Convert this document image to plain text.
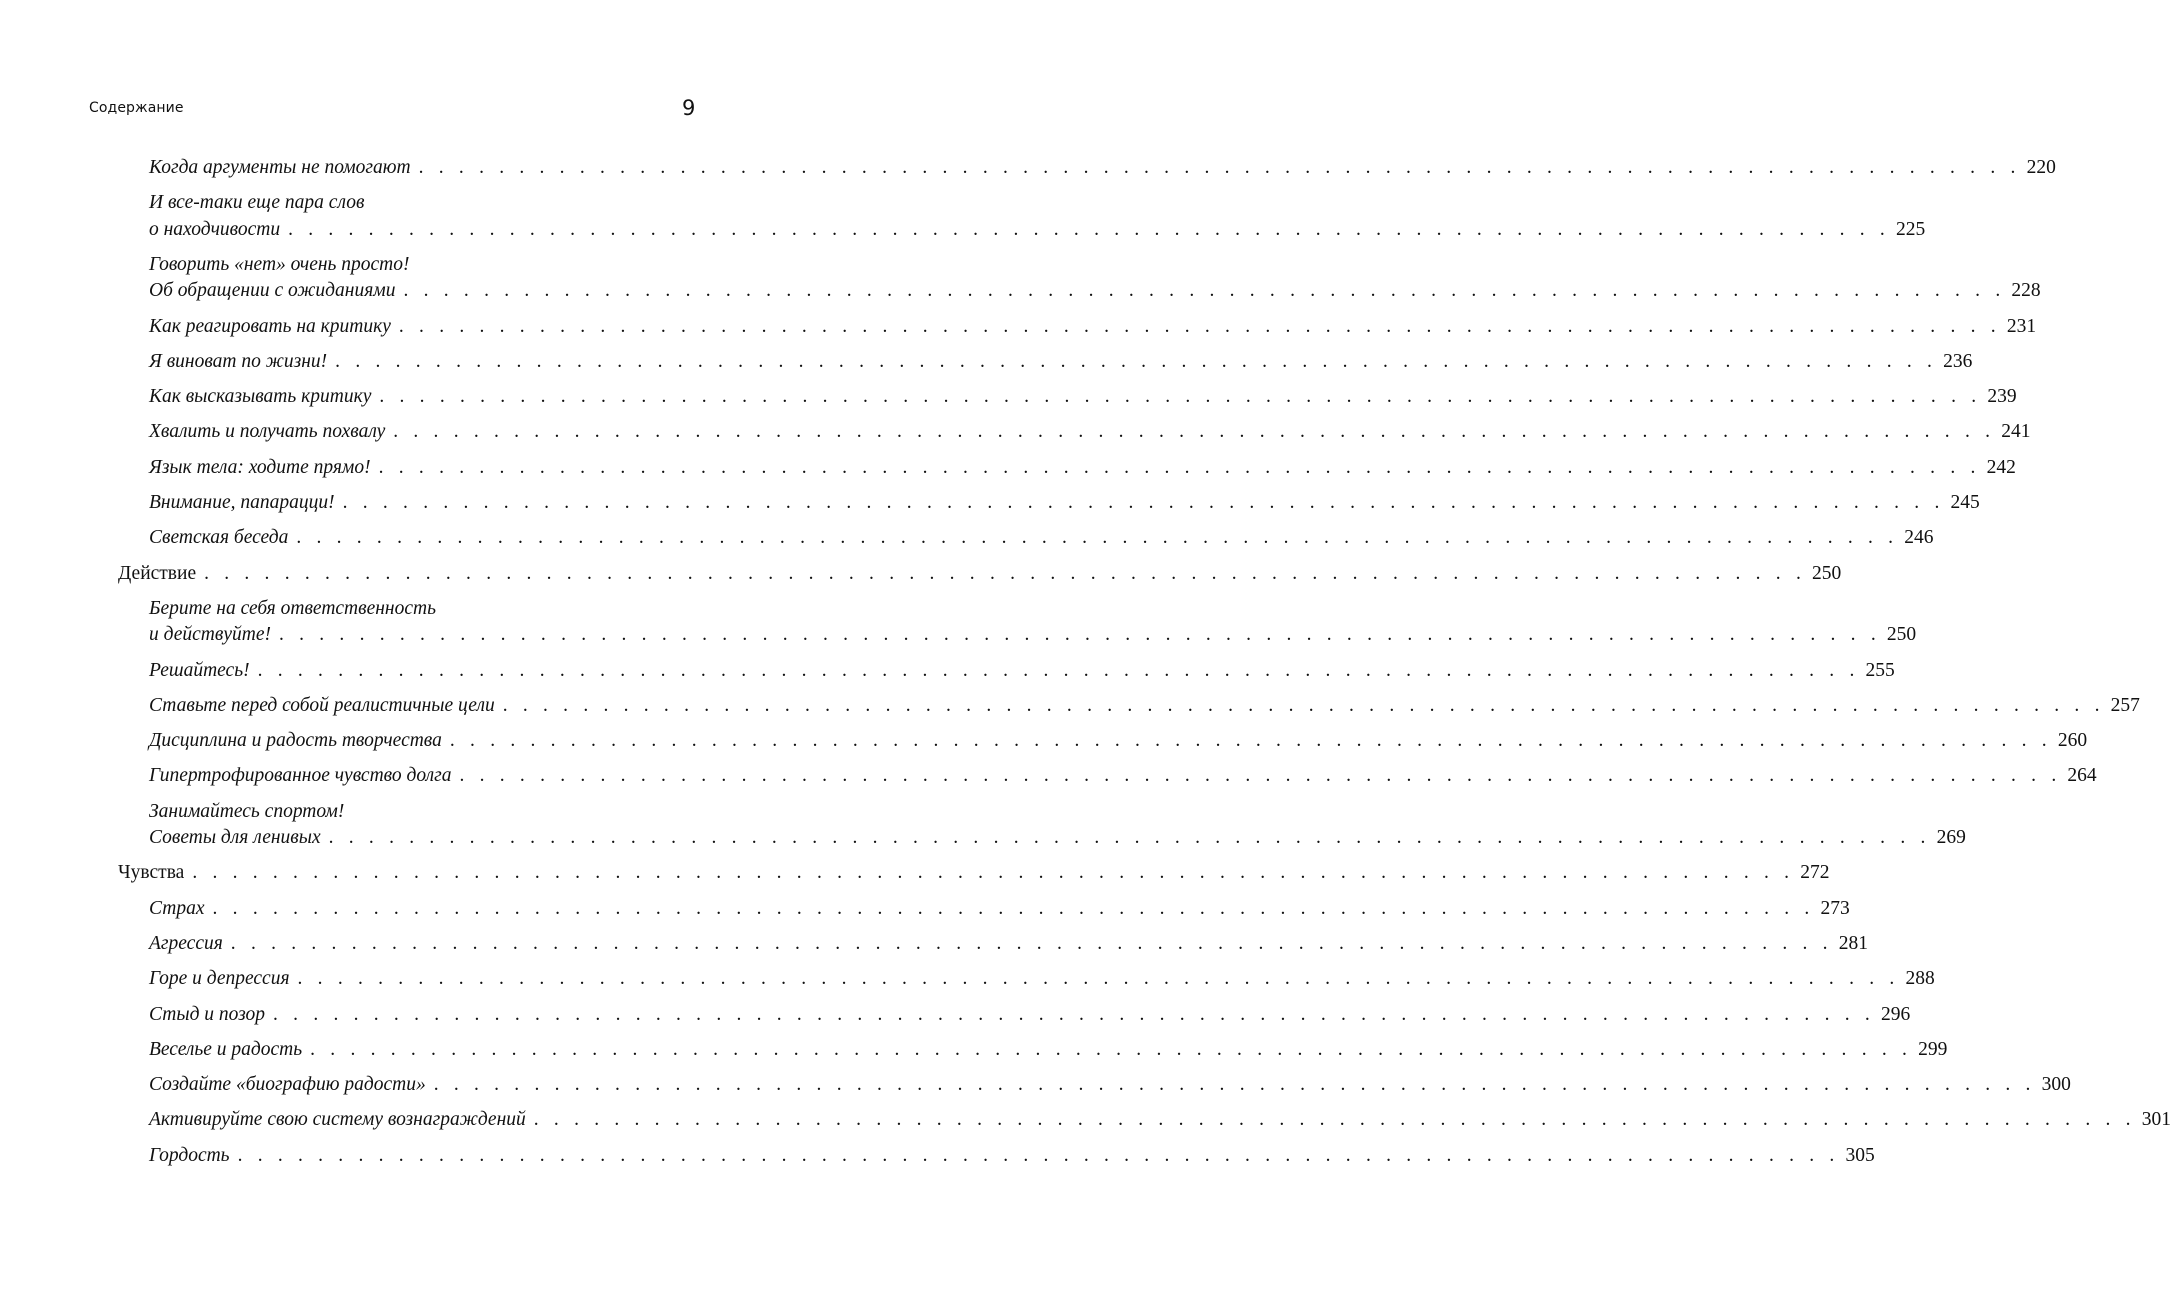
Содержание	9
Когда аргументы не помогают . . . . . . . . . . . . . . . . . . . . . . . . . . . . . . . . . . . . . . . . . . . . . . . . . . . . . . . . . . . . . . . . . . . . . . . . . . . . . . . . 220
И все-таки еще пара слов
о находчивости . . . . . . . . . . . . . . . . . . . . . . . . . . . . . . . . . . . . . . . . . . . . . . . . . . . . . . . . . . . . . . . . . . . . . . . . . . . . . . . . 225
Говорить «нет» очень просто!
Об обращении с ожиданиями . . . . . . . . . . . . . . . . . . . . . . . . . . . . . . . . . . . . . . . . . . . . . . . . . . . . . . . . . . . . . . . . . . . . . . . . . . . . . . . . 228
Как реагировать на критику . . . . . . . . . . . . . . . . . . . . . . . . . . . . . . . . . . . . . . . . . . . . . . . . . . . . . . . . . . . . . . . . . . . . . . . . . . . . . . . . 231
Я виноват по жизни! . . . . . . . . . . . . . . . . . . . . . . . . . . . . . . . . . . . . . . . . . . . . . . . . . . . . . . . . . . . . . . . . . . . . . . . . . . . . . . . . 236
Как высказывать критику . . . . . . . . . . . . . . . . . . . . . . . . . . . . . . . . . . . . . . . . . . . . . . . . . . . . . . . . . . . . . . . . . . . . . . . . . . . . . . . . 239
Хвалить и получать похвалу . . . . . . . . . . . . . . . . . . . . . . . . . . . . . . . . . . . . . . . . . . . . . . . . . . . . . . . . . . . . . . . . . . . . . . . . . . . . . . . . 241
Язык тела: ходите прямо! . . . . . . . . . . . . . . . . . . . . . . . . . . . . . . . . . . . . . . . . . . . . . . . . . . . . . . . . . . . . . . . . . . . . . . . . . . . . . . . . 242
Внимание, папарацци! . . . . . . . . . . . . . . . . . . . . . . . . . . . . . . . . . . . . . . . . . . . . . . . . . . . . . . . . . . . . . . . . . . . . . . . . . . . . . . . . 245
Светская беседа . . . . . . . . . . . . . . . . . . . . . . . . . . . . . . . . . . . . . . . . . . . . . . . . . . . . . . . . . . . . . . . . . . . . . . . . . . . . . . . . 246
Действие . . . . . . . . . . . . . . . . . . . . . . . . . . . . . . . . . . . . . . . . . . . . . . . . . . . . . . . . . . . . . . . . . . . . . . . . . . . . . . . . 250
Берите на себя ответственность
и действуйте! . . . . . . . . . . . . . . . . . . . . . . . . . . . . . . . . . . . . . . . . . . . . . . . . . . . . . . . . . . . . . . . . . . . . . . . . . . . . . . . . 250
Решайтесь! . . . . . . . . . . . . . . . . . . . . . . . . . . . . . . . . . . . . . . . . . . . . . . . . . . . . . . . . . . . . . . . . . . . . . . . . . . . . . . . . 255
Ставьте перед собой реалистичные цели . . . . . . . . . . . . . . . . . . . . . . . . . . . . . . . . . . . . . . . . . . . . . . . . . . . . . . . . . . . . . . . . . . . . . . . . . . . . . . . . 257
Дисциплина и радость творчества . . . . . . . . . . . . . . . . . . . . . . . . . . . . . . . . . . . . . . . . . . . . . . . . . . . . . . . . . . . . . . . . . . . . . . . . . . . . . . . . 260
Гипертрофированное чувство долга . . . . . . . . . . . . . . . . . . . . . . . . . . . . . . . . . . . . . . . . . . . . . . . . . . . . . . . . . . . . . . . . . . . . . . . . . . . . . . . . 264
Занимайтесь спортом!
Советы для ленивых . . . . . . . . . . . . . . . . . . . . . . . . . . . . . . . . . . . . . . . . . . . . . . . . . . . . . . . . . . . . . . . . . . . . . . . . . . . . . . . . 269
Чувства . . . . . . . . . . . . . . . . . . . . . . . . . . . . . . . . . . . . . . . . . . . . . . . . . . . . . . . . . . . . . . . . . . . . . . . . . . . . . . . . 272
Страх . . . . . . . . . . . . . . . . . . . . . . . . . . . . . . . . . . . . . . . . . . . . . . . . . . . . . . . . . . . . . . . . . . . . . . . . . . . . . . . . 273
Агрессия . . . . . . . . . . . . . . . . . . . . . . . . . . . . . . . . . . . . . . . . . . . . . . . . . . . . . . . . . . . . . . . . . . . . . . . . . . . . . . . . 281
Горе и депрессия . . . . . . . . . . . . . . . . . . . . . . . . . . . . . . . . . . . . . . . . . . . . . . . . . . . . . . . . . . . . . . . . . . . . . . . . . . . . . . . . 288
Стыд и позор . . . . . . . . . . . . . . . . . . . . . . . . . . . . . . . . . . . . . . . . . . . . . . . . . . . . . . . . . . . . . . . . . . . . . . . . . . . . . . . . 296
Веселье и радость . . . . . . . . . . . . . . . . . . . . . . . . . . . . . . . . . . . . . . . . . . . . . . . . . . . . . . . . . . . . . . . . . . . . . . . . . . . . . . . . 299
Создайте «биографию радости» . . . . . . . . . . . . . . . . . . . . . . . . . . . . . . . . . . . . . . . . . . . . . . . . . . . . . . . . . . . . . . . . . . . . . . . . . . . . . . . . 300
Активируйте свою систему вознаграждений . . . . . . . . . . . . . . . . . . . . . . . . . . . . . . . . . . . . . . . . . . . . . . . . . . . . . . . . . . . . . . . . . . . . . . . . . . . . . . . . 301
Гордость . . . . . . . . . . . . . . . . . . . . . . . . . . . . . . . . . . . . . . . . . . . . . . . . . . . . . . . . . . . . . . . . . . . . . . . . . . . . . . . . 305
